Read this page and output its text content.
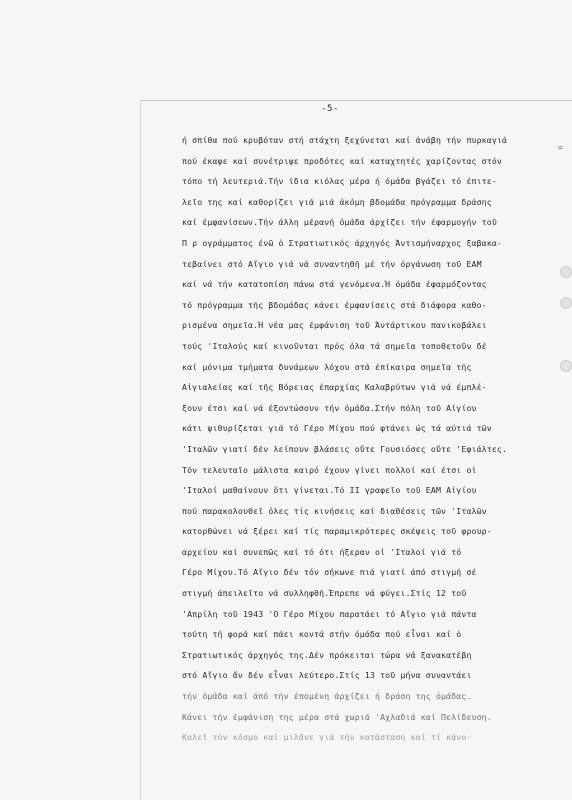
-5-
=
ή σπίθα πού κρυβόταν στή στάχτη ξεχύνεται καί ἀνάβη τήν πυρκαγιά
πού έκαψε καί συνέτριψε προδότες καί καταχτητές χαρίζοντας στόν
τόπο τή λευτεριά.Τήν ίδια κιόλας μέρα ή όμάδα βγάζει τό έπιτε-
λεῖο της καί καθορίζει γιά μιά άκόμη βδομάδα πρόγραμμα δράσης
καί έμφανίσεων.Τήν άλλη μέρανή όμάδα άρχίζει τήν έφαρμογήν τοῦ
Π ρ ογράμματος ένῶ ὁ Στρατιωτικός άρχηγός Άντισμήναρχος ξαβακα-
τεβαίνει στό Αἴγιο γιά νά συναντηθῆ μέ τήν όργάνωση τοῦ ΕΑΜ
καί νά τήν κατατοπίση πάνω στά γενόμενα.Ή όμάδα έφαρμόζοντας
τό πρόγραμμα τῆς βδομάδας κάνει έμφανίσεις στά διάφορα καθο-
ρισμένα σημεῖα.Ή νέα μας έμφάνιση τοῦ Άντάρτικου πανικοβάλει
τούς 'Ιταλούς καί κινοῦνται πρός όλα τά σημεῖα τοποθετοῦν δέ
καί μόνιμα τμήματα δυνάμεων λόχου στά έπίκαιρα σημεῖα τῆς
Αἰγιαλείας καί τῆς Βόρειας έπαρχίας Καλαβρύτων γιά νά έμπλέ-
ξουν έτσι καί νά έξοντώσουν τήν όμάδα.Στήν πόλη τοῦ Αἰγίου
κάτι ψιθυρίζεται γιά τό Γέρο Μίχου πού φτάνει ώς τά αύτιά τῶν
'Ιταλῶν γιατί δέν λείπουν βλάσεις οὔτε Γουσιόσες οὔτε 'Εφιάλτες.
Τόν τελευταῖο μάλιστα καιρό έχουν γίνει πολλοί καί έτσι οἱ
'Ιταλοί μαθαίνουν ὅτι γίνεται.Τό ΙΙ γραφεῖο τοῦ ΕΑΜ Αἰγίου
πού παρακολουθεῖ όλες τίς κινήσεις καί διαθέσεις τῶν 'Ιταλῶν
κατορθώνει νά ξέρει καί τίς παραμικρότερες σκέψεις τοῦ φρουρ-
αρχείου καί συνεπῶς καί τό ότι ήξεραν οἱ 'Ιταλοί γιά τό
Γέρο Μίχου.Τό Αἴγιο δέν τόν σήκωνε πιά γιατί άπό στιγμή σέ
στιγμή άπειλεῖτο νά συλληφθῆ.Έπρεπε νά φύγει.Στίς 12 τοῦ
'Απρίλη τοῦ 1943 'Ο Γέρο Μίχου παρατάει τό Αἴγιο γιά πάντα
τούτη τή φορά καί πάει κοντά στήν όμάδα πού εἶναι καί ὁ
Στρατιωτικός άρχηγός της.Δέν πρόκειται τώρα νά ξανακατέβη
στό Αἴγιο ἄν δέν εἶναι λεύτερο.Στίς 13 τοῦ μήνα συναντάει
τήν όμάδα καί άπό τήν έπομένη άρχίζει ή δράση της όμάδας.
Κάνει τήν έμφάνιση της μέρα στά χωριά 'Αχλαδιά καί Πελίδευση.
Καλεῖ τόν κόσμο καί μιλᾶνε γιά τήν κατάσταση καί τί κάνο-
